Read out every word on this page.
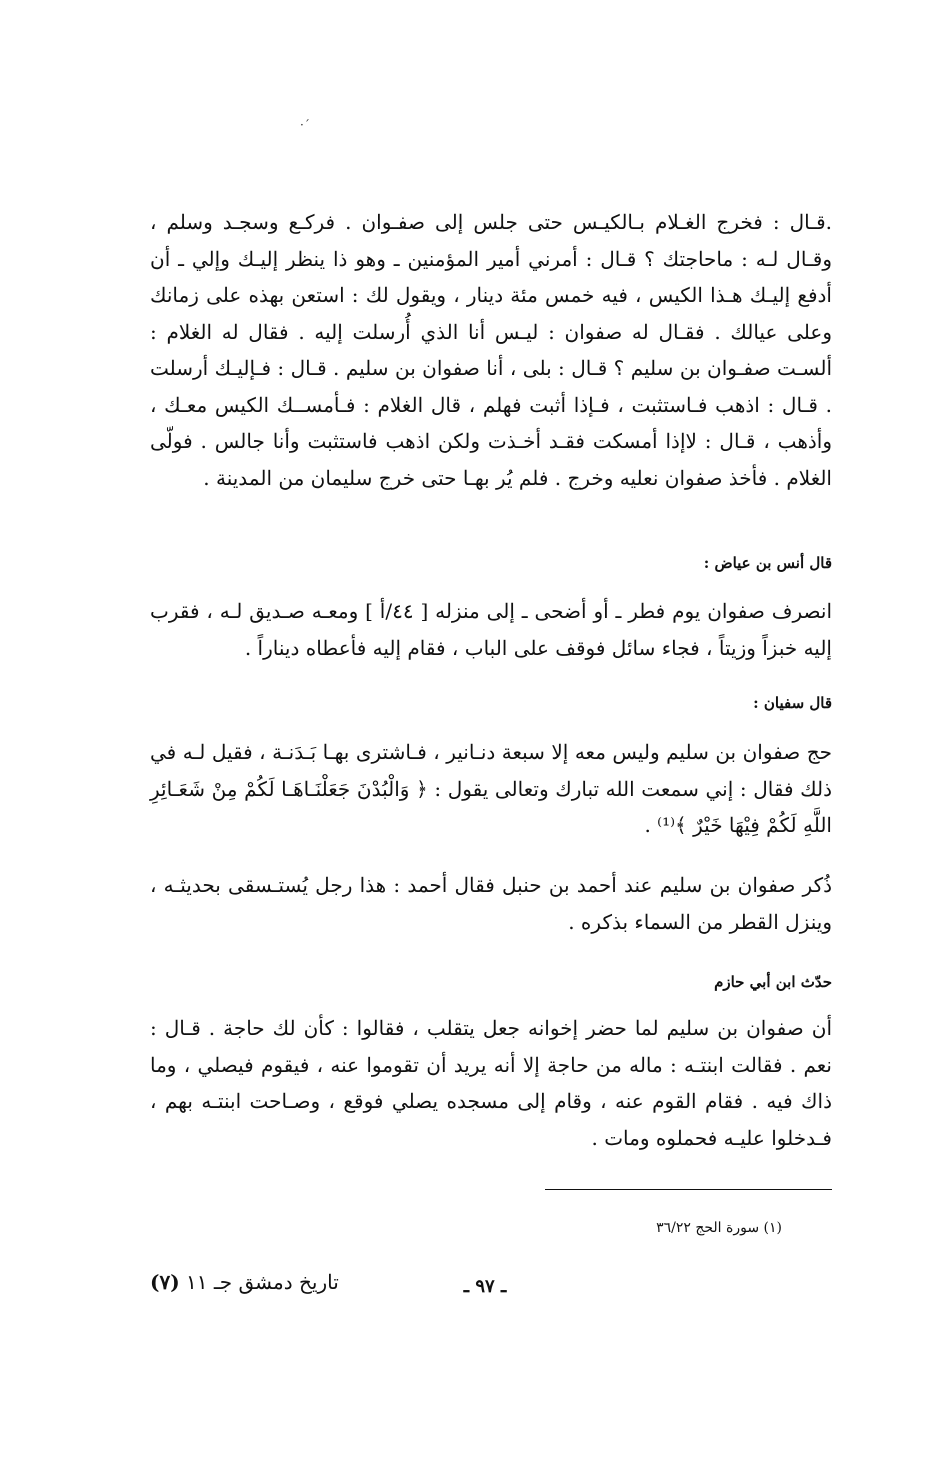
·´

.قـال : فخرج الغـلام بـالكيـس حتى جلس إلى صفـوان . فركـع وسجـد وسلم ، وقـال لـه : ماحاجتك ؟ قـال : أمرني أمير المؤمنين ـ وهو ذا ينظر إليـك وإلي ـ أن أدفع إليـك هـذا الكيس ، فيه خمس مئة دينار ، ويقول لك : استعن بهذه على زمانك وعلى عيالك . فقـال له صفوان : ليـس أنا الذي أُرسلت إليه . فقال له الغلام : ألسـت صفـوان بن سليم ؟ قـال : بلى ، أنا صفوان بن سليم . قـال : فـإليـك أرسلت . قـال : اذهب فـاستثبت ، فـإذا أثبت فهلم ، قال الغلام : فـأمســك الكيس معـك ، وأذهب ، قـال : لاإذا أمسكت فقـد أخـذت ولكن اذهب فاستثبت وأنا جالس . فولّى الغلام . فأخذ صفوان نعليه وخرج . فلم يُر بهـا حتى خرج سليمان من المدينة .

قال أنس بن عياض :

انصرف صفوان يوم فطر ـ أو أضحى ـ إلى منزله [ ٤٤/أ ] ومعـه صـديق لـه ، فقرب إليه خبزاً وزيتاً ، فجاء سائل فوقف على الباب ، فقام إليه فأعطاه ديناراً .

قال سفيان :

حج صفوان بن سليم وليس معه إلا سبعة دنـانير ، فـاشترى بهـا بَـدَنـة ، فقيل لـه في ذلك فقال : إني سمعت الله تبارك وتعالى يقول : ﴿ وَالْبُدْنَ جَعَلْنَـاهَـا لَكُمْ مِنْ شَعَـائِرِ اللَّهِ لَكُمْ فِيْهَا خَيْرٌ ﴾⁽¹⁾ .

ذُكر صفوان بن سليم عند أحمد بن حنبل فقال أحمد : هذا رجل يُستـسقى بحديثـه ، وينزل القطر من السماء بذكره .

حدّث ابن أبي حازم

أن صفوان بن سليم لما حضر إخوانه جعل يتقلب ، فقالوا : كأن لك حاجة . قـال : نعم . فقالت ابنتـه : ماله من حاجة إلا أنه يريد أن تقوموا عنه ، فيقوم فيصلي ، وما ذاك فيه . فقام القوم عنه ، وقام إلى مسجده يصلي فوقع ، وصـاحت ابنتـه بهم ، فـدخلوا عليـه فحملوه ومات .

(١) سورة الحج ٣٦/٢٢
ـ ٩٧ ـ
تاريخ دمشق جـ ١١ (٧)
